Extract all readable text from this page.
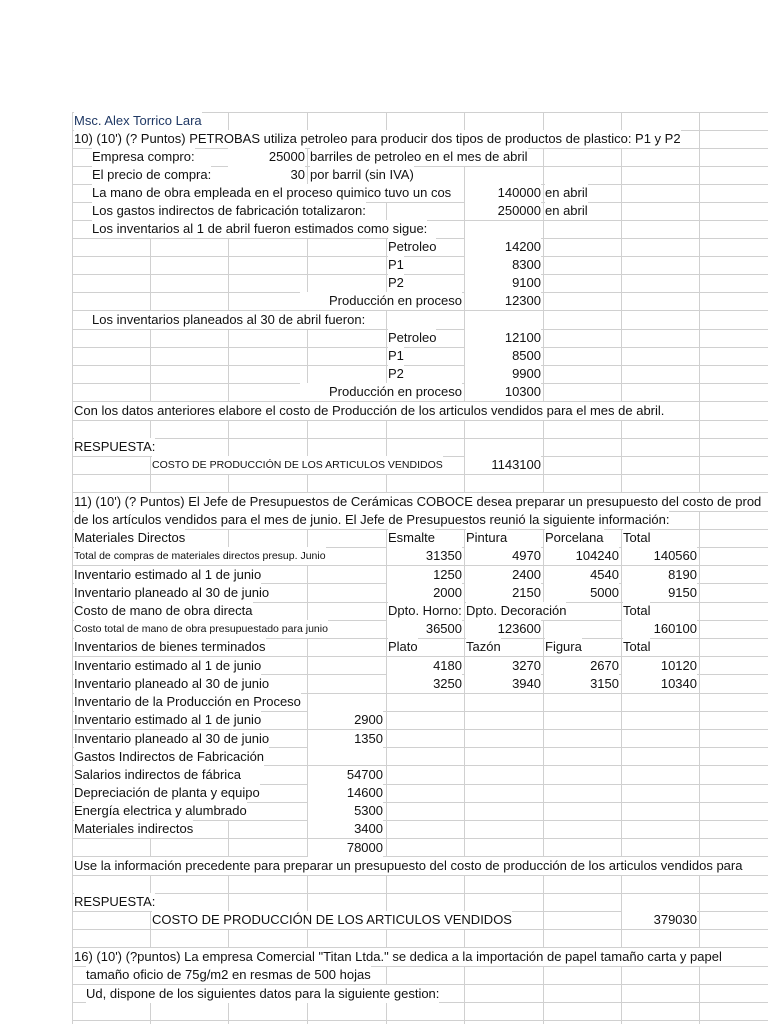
Msc. Alex Torrico Lara
10) (10') (? Puntos) PETROBAS utiliza petroleo para producir dos tipos de productos de plastico: P1 y P2
Empresa compro:	25000 barriles de petroleo en el mes de abril
El precio de compra:	30 por barril (sin IVA)
La mano de obra empleada en el proceso quimico tuvo un cos	140000 en abril
Los gastos indirectos de fabricación totalizaron:	250000 en abril
Los inventarios al 1 de abril fueron estimados como sigue:
Petroleo	14200
P1	8300
P2	9100
Producción en proceso	12300
Los inventarios planeados al 30 de abril fueron:
Petroleo	12100
P1	8500
P2	9900
Producción en proceso	10300
Con los datos anteriores elabore el costo de Producción de los articulos vendidos para el mes de abril.
RESPUESTA:
COSTO DE PRODUCCIÓN DE LOS ARTICULOS VENDIDOS	1143100
11) (10') (? Puntos) El Jefe de Presupuestos de Cerámicas COBOCE desea preparar un presupuesto del costo de prod
de los artículos vendidos para el mes de junio. El Jefe de Presupuestos reunió la siguiente información:
Materiales Directos	Esmalte Pintura	Porcelana Total
Total de compras de materiales directos presup. Junio	31350	4970	104240	140560
Inventario estimado al 1 de junio	1250	2400	4540	8190
Inventario planeado al 30 de junio	2000	2150	5000	9150
Costo de mano de obra directa	Dpto. Horno: Dpto. Decoración	Total
Costo total de mano de obra presupuestado para junio	36500	123600	160100
Inventarios de bienes terminados	Plato	Tazón	Figura	Total
Inventario estimado al 1 de junio	4180	3270	2670	10120
Inventario planeado al 30 de junio	3250	3940	3150	10340
Inventario de la Producción en Proceso
Inventario estimado al 1 de junio	2900
Inventario planeado al 30 de junio	1350
Gastos Indirectos de Fabricación
Salarios indirectos de fábrica	54700
Depreciación de planta y equipo	14600
Energía electrica y alumbrado	5300
Materiales indirectos	3400
78000
Use la información precedente para preparar un presupuesto del costo de producción de los articulos vendidos para
RESPUESTA:
COSTO DE PRODUCCIÓN DE LOS ARTICULOS VENDIDOS	379030
16) (10') (?puntos) La empresa Comercial "Titan Ltda." se dedica a la importación de papel tamaño carta y papel
tamaño oficio de 75g/m2 en resmas de 500 hojas
Ud, dispone de los siguientes datos para la siguiente gestion:
